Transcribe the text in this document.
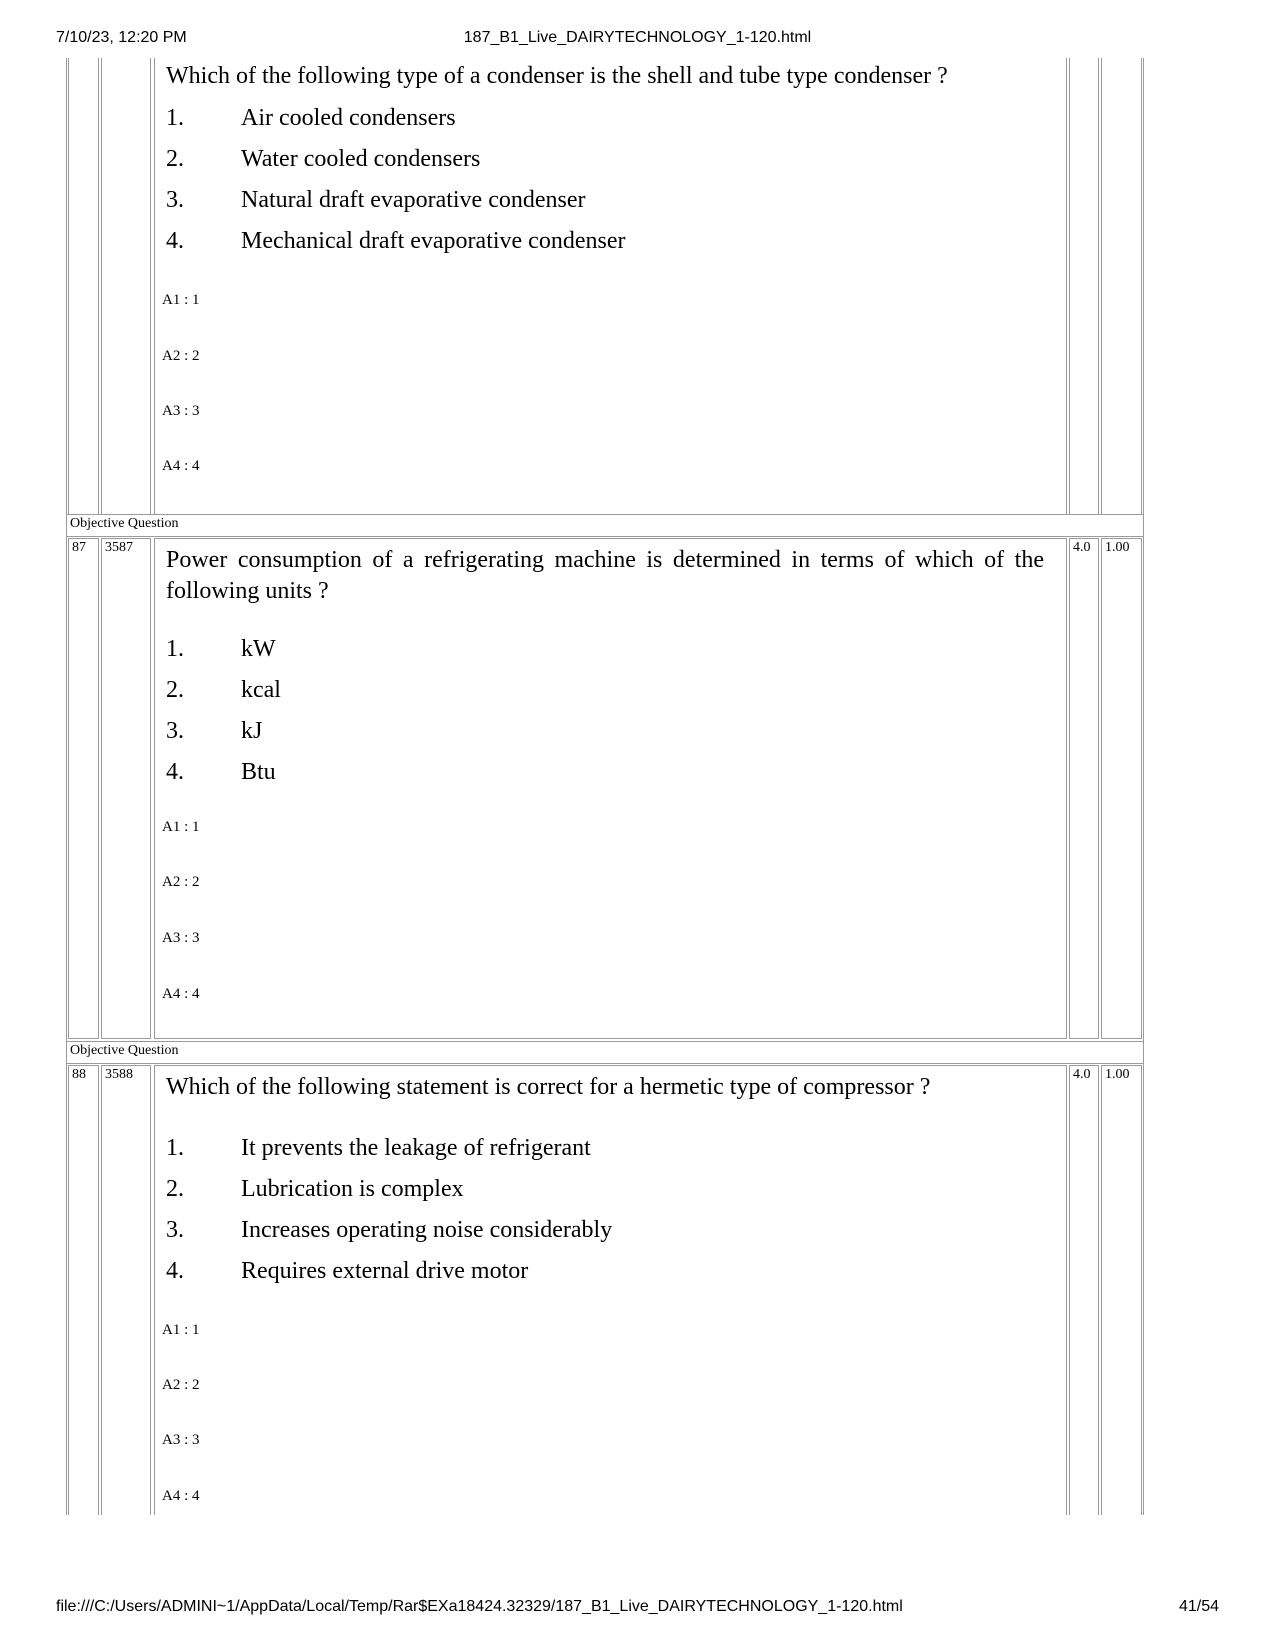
187_B1_Live_DAIRYTECHNOLOGY_1-120.html
7/10/23, 12:20 PM
Which of the following type of a condenser is the shell and tube type condenser ?
1. Air cooled condensers
2. Water cooled condensers
3. Natural draft evaporative condenser
4. Mechanical draft evaporative condenser
A1 : 1
A2 : 2
A3 : 3
A4 : 4
Objective Question
87	3587	4.0	1.00
Power consumption of a refrigerating machine is determined in terms of which of the following units ?
1. kW
2. kcal
3. kJ
4. Btu
A1 : 1
A2 : 2
A3 : 3
A4 : 4
Objective Question
88	3588	4.0	1.00
Which of the following statement is correct for a hermetic type of compressor ?
1. It prevents the leakage of refrigerant
2. Lubrication is complex
3. Increases operating noise considerably
4. Requires external drive motor
A1 : 1
A2 : 2
A3 : 3
A4 : 4
file:///C:/Users/ADMINI~1/AppData/Local/Temp/Rar$EXa18424.32329/187_B1_Live_DAIRYTECHNOLOGY_1-120.html	41/54
